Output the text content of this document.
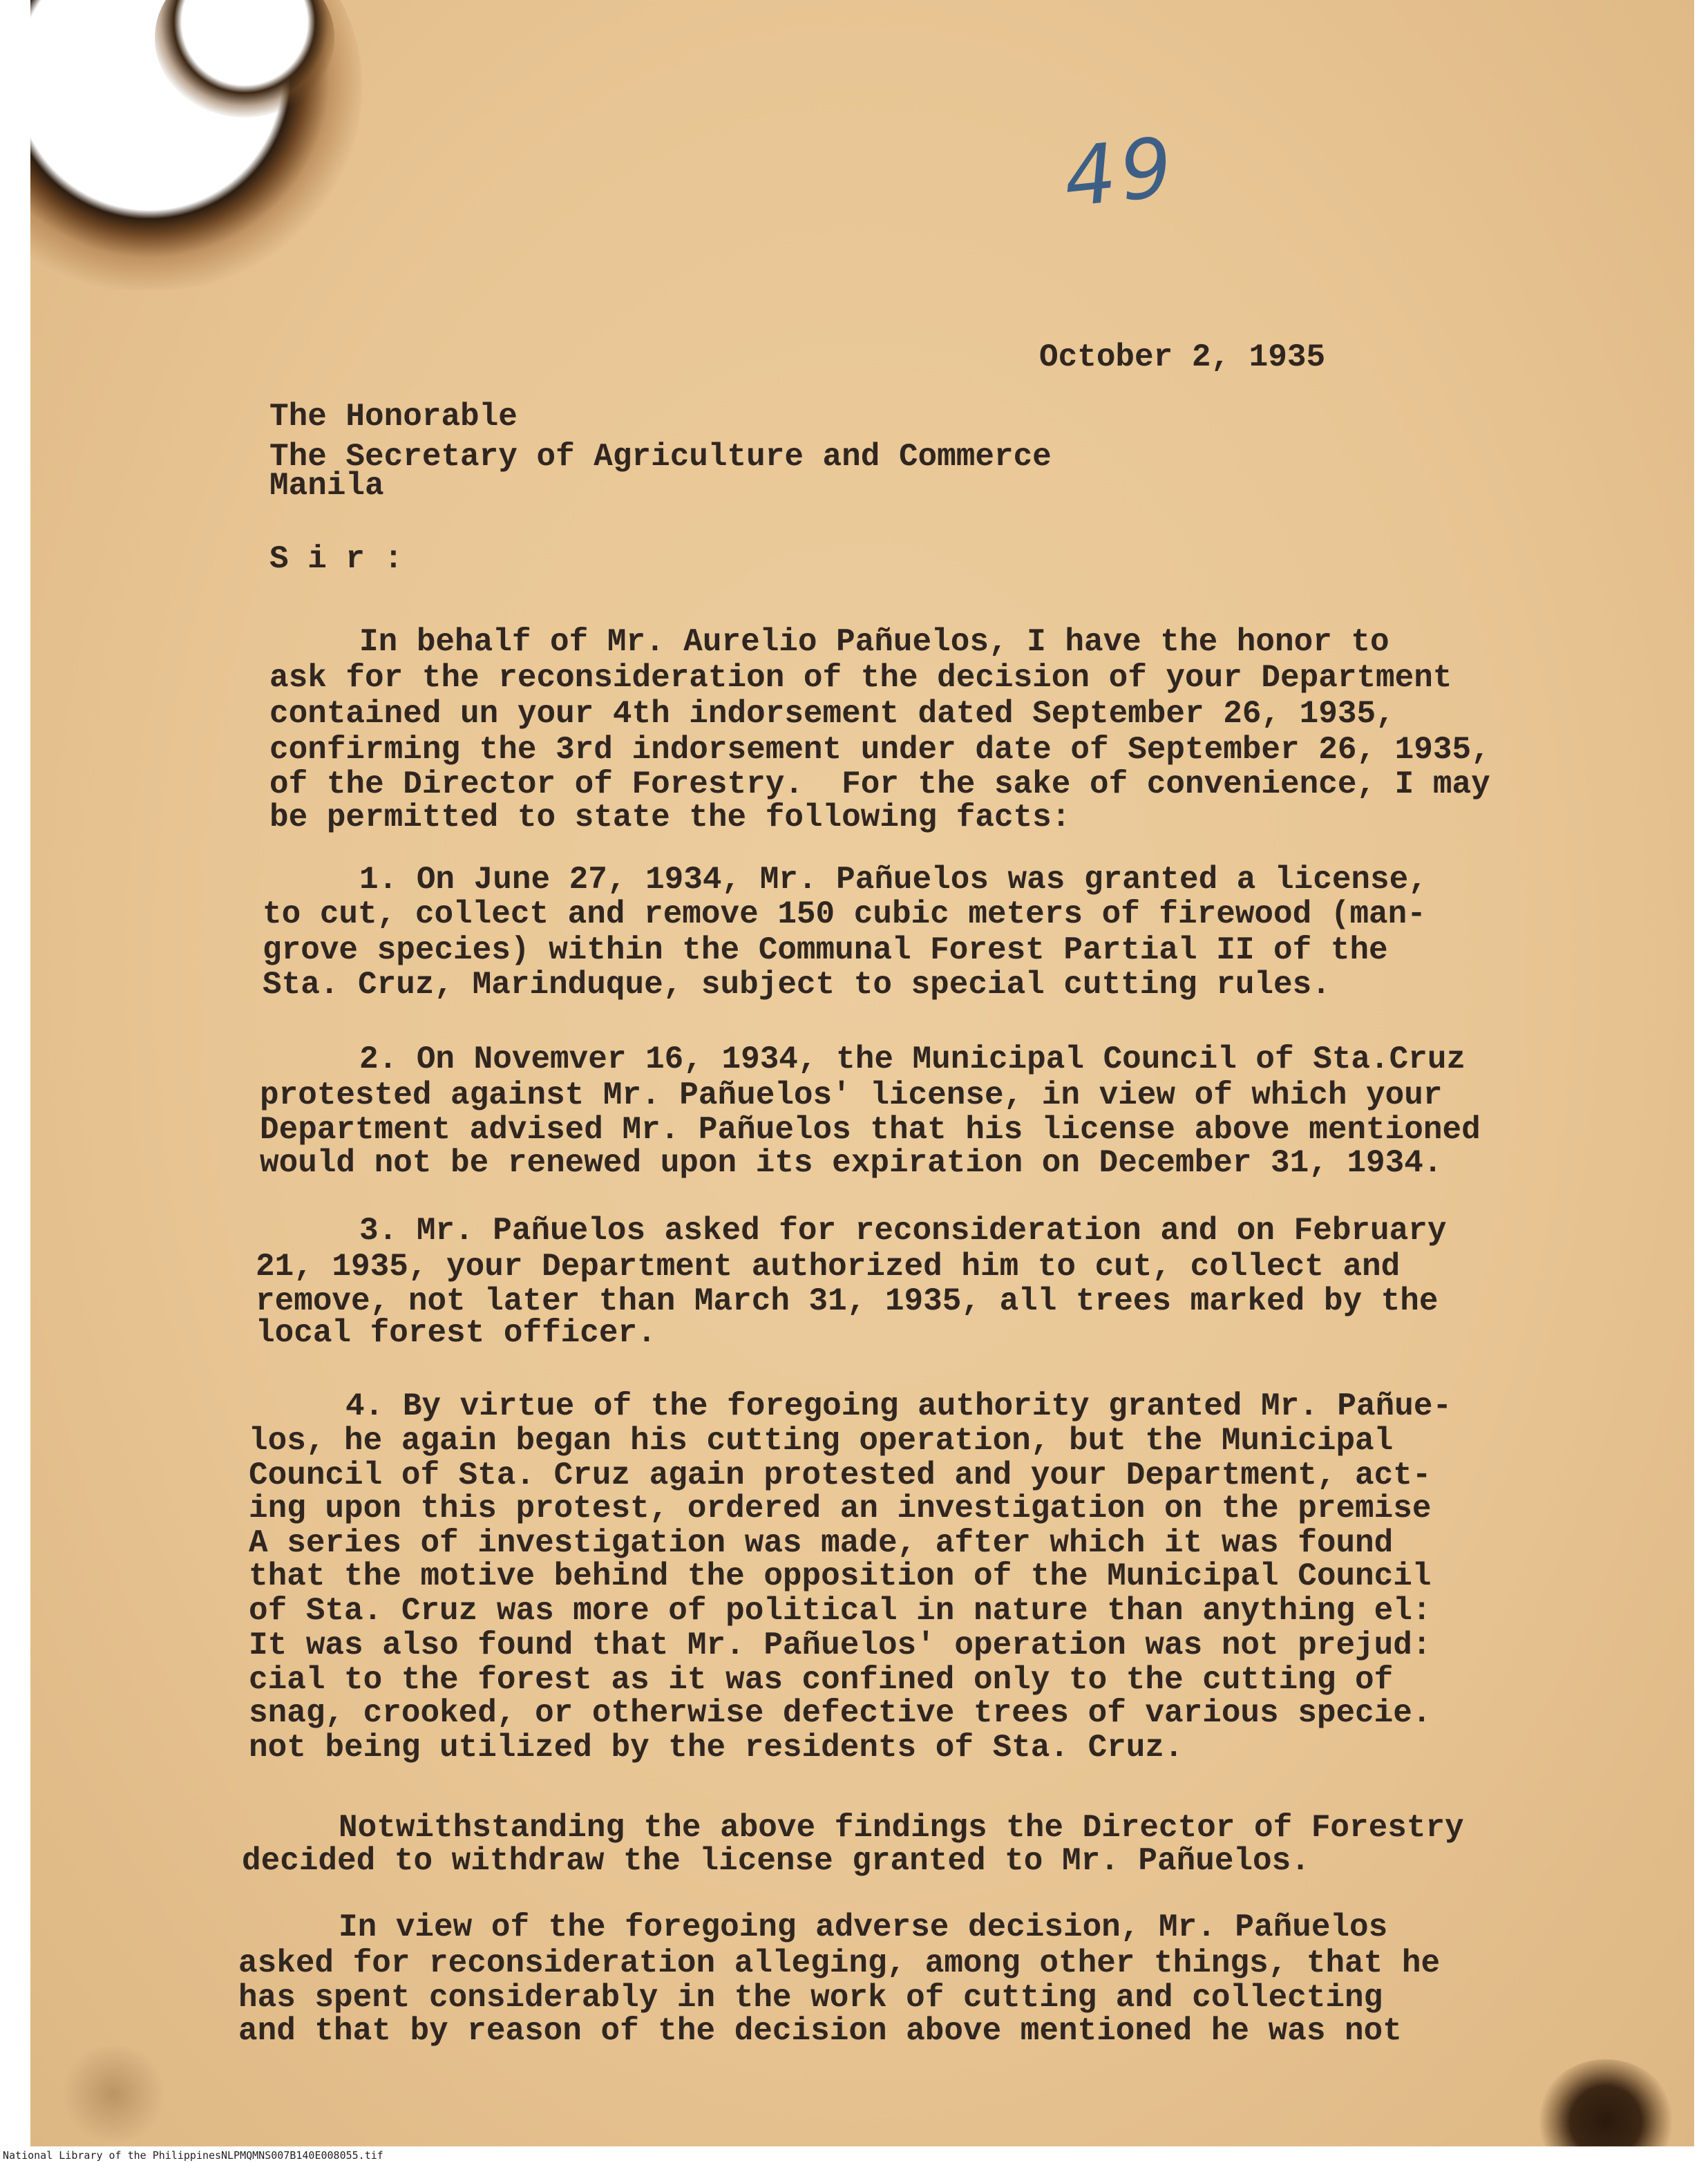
49
October 2, 1935
The Honorable
The Secretary of Agriculture and Commerce
Manila
S i r :
In behalf of Mr. Aurelio Pañuelos, I have the honor to
ask for the reconsideration of the decision of your Department
contained un your 4th indorsement dated September 26, 1935,
confirming the 3rd indorsement under date of September 26, 1935,
of the Director of Forestry.  For the sake of convenience, I may
be permitted to state the following facts:
1. On June 27, 1934, Mr. Pañuelos was granted a license,
to cut, collect and remove 150 cubic meters of firewood (man-
grove species) within the Communal Forest Partial II of the
Sta. Cruz, Marinduque, subject to special cutting rules.
2. On Novemver 16, 1934, the Municipal Council of Sta.Cruz
protested against Mr. Pañuelos' license, in view of which your
Department advised Mr. Pañuelos that his license above mentioned
would not be renewed upon its expiration on December 31, 1934.
3. Mr. Pañuelos asked for reconsideration and on February
21, 1935, your Department authorized him to cut, collect and
remove, not later than March 31, 1935, all trees marked by the
local forest officer.
4. By virtue of the foregoing authority granted Mr. Pañue-
los, he again began his cutting operation, but the Municipal
Council of Sta. Cruz again protested and your Department, act-
ing upon this protest, ordered an investigation on the premise
A series of investigation was made, after which it was found
that the motive behind the opposition of the Municipal Council
of Sta. Cruz was more of political in nature than anything el:
It was also found that Mr. Pañuelos' operation was not prejud:
cial to the forest as it was confined only to the cutting of
snag, crooked, or otherwise defective trees of various specie.
not being utilized by the residents of Sta. Cruz.
Notwithstanding the above findings the Director of Forestry
decided to withdraw the license granted to Mr. Pañuelos.
In view of the foregoing adverse decision, Mr. Pañuelos
asked for reconsideration alleging, among other things, that he
has spent considerably in the work of cutting and collecting
and that by reason of the decision above mentioned he was not
National Library of the Philippines NLPMQMNS007B140E008055.tif
